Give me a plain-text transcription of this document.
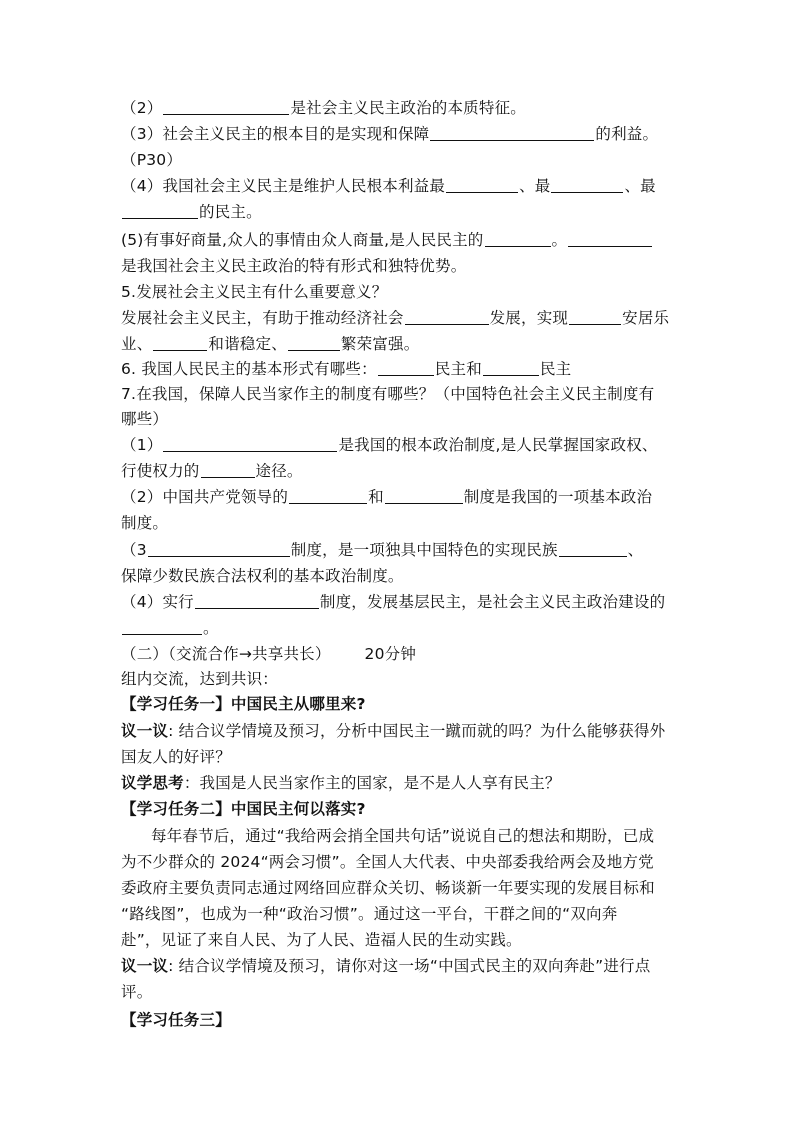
（2）	是社会主义民主政治的本质特征。
（3）社会主义民主的根本目的是实现和保障	的利益。
（P30）
（4）我国社会主义民主是维护人民根本利益最	、最	、最
的民主。
(5)有事好商量,众人的事情由众人商量,是人民民主的	。
是我国社会主义民主政治的特有形式和独特优势。
5.发展社会主义民主有什么重要意义？
发展社会主义民主，有助于推动经济社会	发展，实现	安居乐
业、	和谐稳定、	繁荣富强。
6. 我国人民民主的基本形式有哪些：	民主和	民主
7.在我国，保障人民当家作主的制度有哪些？（中国特色社会主义民主制度有
哪些）
（1）	是我国的根本政治制度,是人民掌握国家政权、
行使权力的	途径。
（2）中国共产党领导的	和	制度是我国的一项基本政治
制度。
（3	制度，是一项独具中国特色的实现民族	、
保障少数民族合法权利的基本政治制度。
（4）实行	制度，发展基层民主，是社会主义民主政治建设的
。
（二）（交流合作→共享共长） 20分钟
组内交流，达到共识：
【学习任务一】中国民主从哪里来?
议一议: 结合议学情境及预习，分析中国民主一蹴而就的吗？为什么能够获得外
国友人的好评？
议学思考：我国是人民当家作主的国家，是不是人人享有民主？
【学习任务二】中国民主何以落实?
每年春节后，通过“我给两会捎全国共句话”说说自己的想法和期盼，已成
为不少群众的 2024“两会习惯”。全国人大代表、中央部委我给两会及地方党
委政府主要负责同志通过网络回应群众关切、畅谈新一年要实现的发展目标和
“路线图”，也成为一种“政治习惯”。通过这一平台，干群之间的“双向奔
赴”，见证了来自人民、为了人民、造福人民的生动实践。
议一议: 结合议学情境及预习，请你对这一场“中国式民主的双向奔赴”进行点
评。
【学习任务三】
